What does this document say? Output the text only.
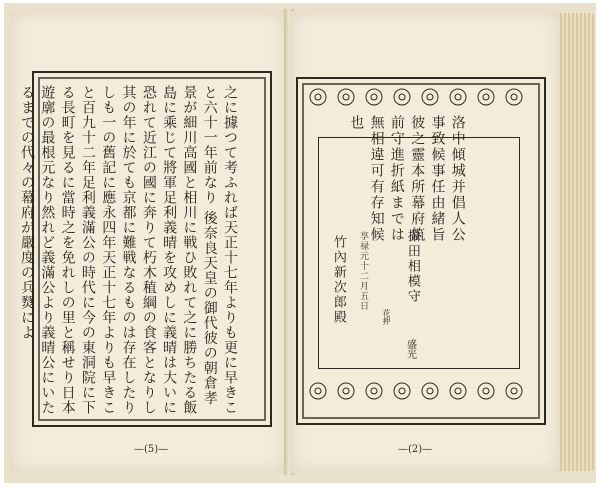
之に據つて考ふれば天正十七年よりも更に早きこと六十一年前なり 後奈良天皇の御代彼の朝倉孝景が細川高國と相川に戦ひ敗れて之に勝ちたる飯島に乘じて將軍足利義晴を攻めしに義晴は大いに恐れて近江の國に奔りて朽木稙綱の食客となりし其の年に於ても京都に難戦なるものは存在したりしも一の舊記に應永四年天正十七年よりも早きこと百九十二年足利義滿公の時代に今の東洞院に下る長町を見るに當時之を免れしの里と稱せり日本遊廓の最根元なり然れど義滿公より義晴公にいたるまでの代々の幕府が嚴度の兵燹によ
—(5)—
洛中傾城并倡人公事致候事任由緒旨彼之靈本所幕府筑前守進折紙までは無相違可有存知候也
享禄元十二月五日	攝田相模守
盛光
花押
竹內新次郎殿
—(2)—
